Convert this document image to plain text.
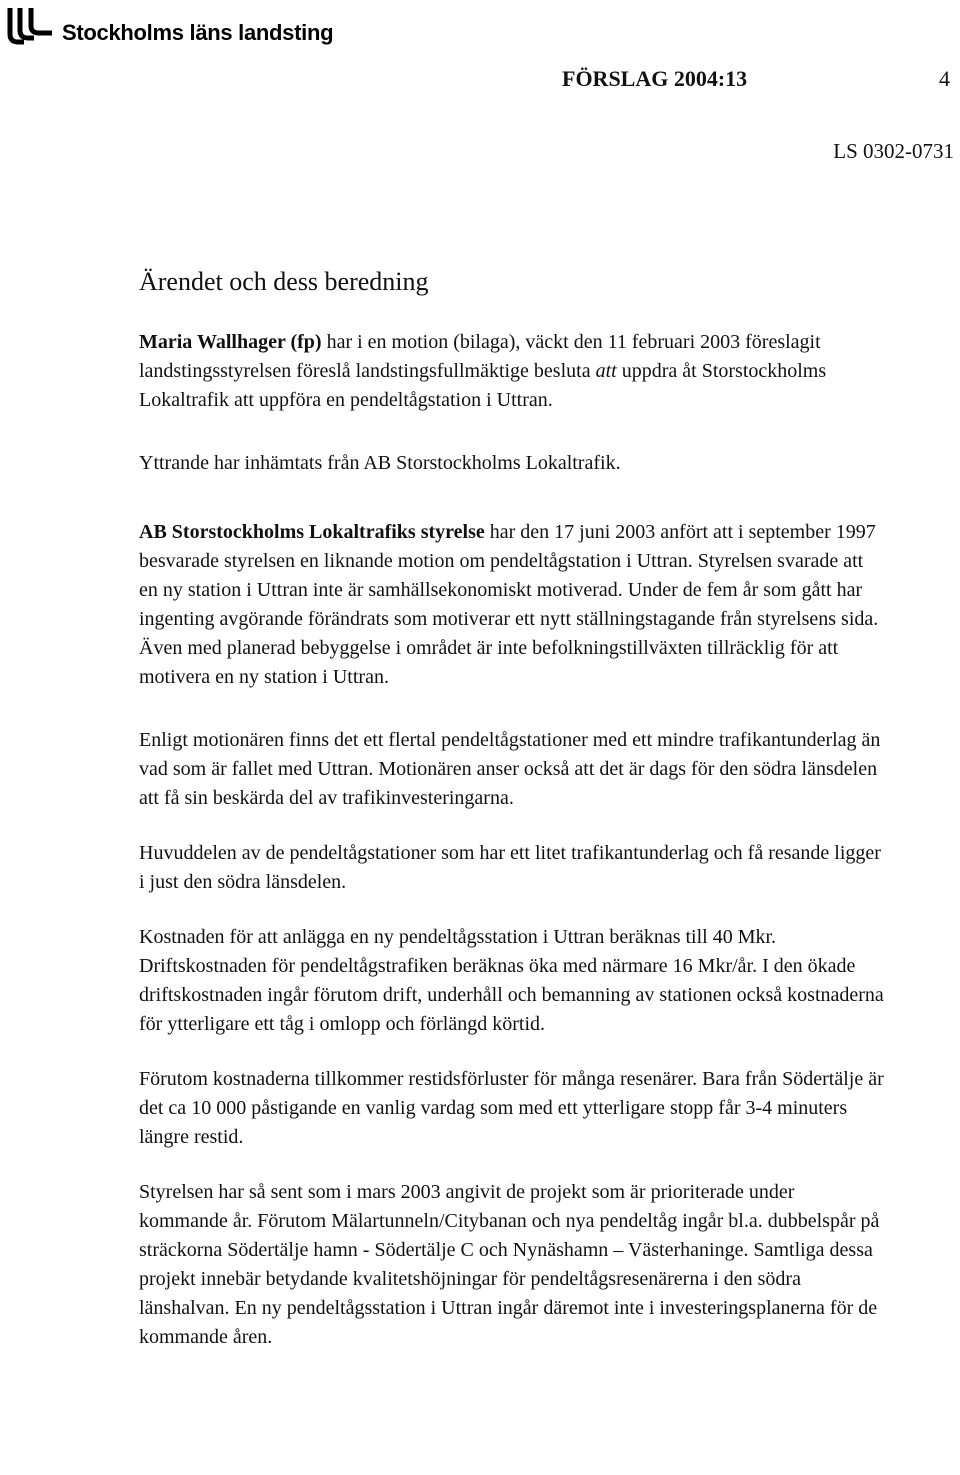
Stockholms läns landsting
FÖRSLAG 2004:13	4
LS 0302-0731
Ärendet och dess beredning

Maria Wallhager (fp) har i en motion (bilaga), väckt den 11 februari 2003 föreslagit landstingsstyrelsen föreslå landstingsfullmäktige besluta att uppdra åt Storstockholms Lokaltrafik att uppföra en pendeltågstation i Uttran.

Yttrande har inhämtats från AB Storstockholms Lokaltrafik.

AB Storstockholms Lokaltrafiks styrelse har den 17 juni 2003 anfört att i september 1997 besvarade styrelsen en liknande motion om pendeltågstation i Uttran. Styrelsen svarade att en ny station i Uttran inte är samhällsekonomiskt motiverad. Under de fem år som gått har ingenting avgörande förändrats som motiverar ett nytt ställningstagande från styrelsens sida. Även med planerad bebyggelse i området är inte befolkningstillväxten tillräcklig för att motivera en ny station i Uttran.

Enligt motionären finns det ett flertal pendeltågstationer med ett mindre trafikantunderlag än vad som är fallet med Uttran. Motionären anser också att det är dags för den södra länsdelen att få sin beskärda del av trafikinvesteringarna.

Huvuddelen av de pendeltågstationer som har ett litet trafikantunderlag och få resande ligger i just den södra länsdelen.

Kostnaden för att anlägga en ny pendeltågsstation i Uttran beräknas till 40 Mkr. Driftskostnaden för pendeltågstrafiken beräknas öka med närmare 16 Mkr/år. I den ökade driftskostnaden ingår förutom drift, underhåll och bemanning av stationen också kostnaderna för ytterligare ett tåg i omlopp och förlängd körtid.

Förutom kostnaderna tillkommer restidsförluster för många resenärer. Bara från Södertälje är det ca 10 000 påstigande en vanlig vardag som med ett ytterligare stopp får 3-4 minuters längre restid.

Styrelsen har så sent som i mars 2003 angivit de projekt som är prioriterade under kommande år. Förutom Mälartunneln/Citybanan och nya pendeltåg ingår bl.a. dubbelspår på sträckorna Södertälje hamn - Södertälje C och Nynäshamn – Västerhaninge. Samtliga dessa projekt innebär betydande kvalitetshöjningar för pendeltågsresenärerna i den södra länshalvan. En ny pendeltågsstation i Uttran ingår däremot inte i investeringsplanerna för de kommande åren.
